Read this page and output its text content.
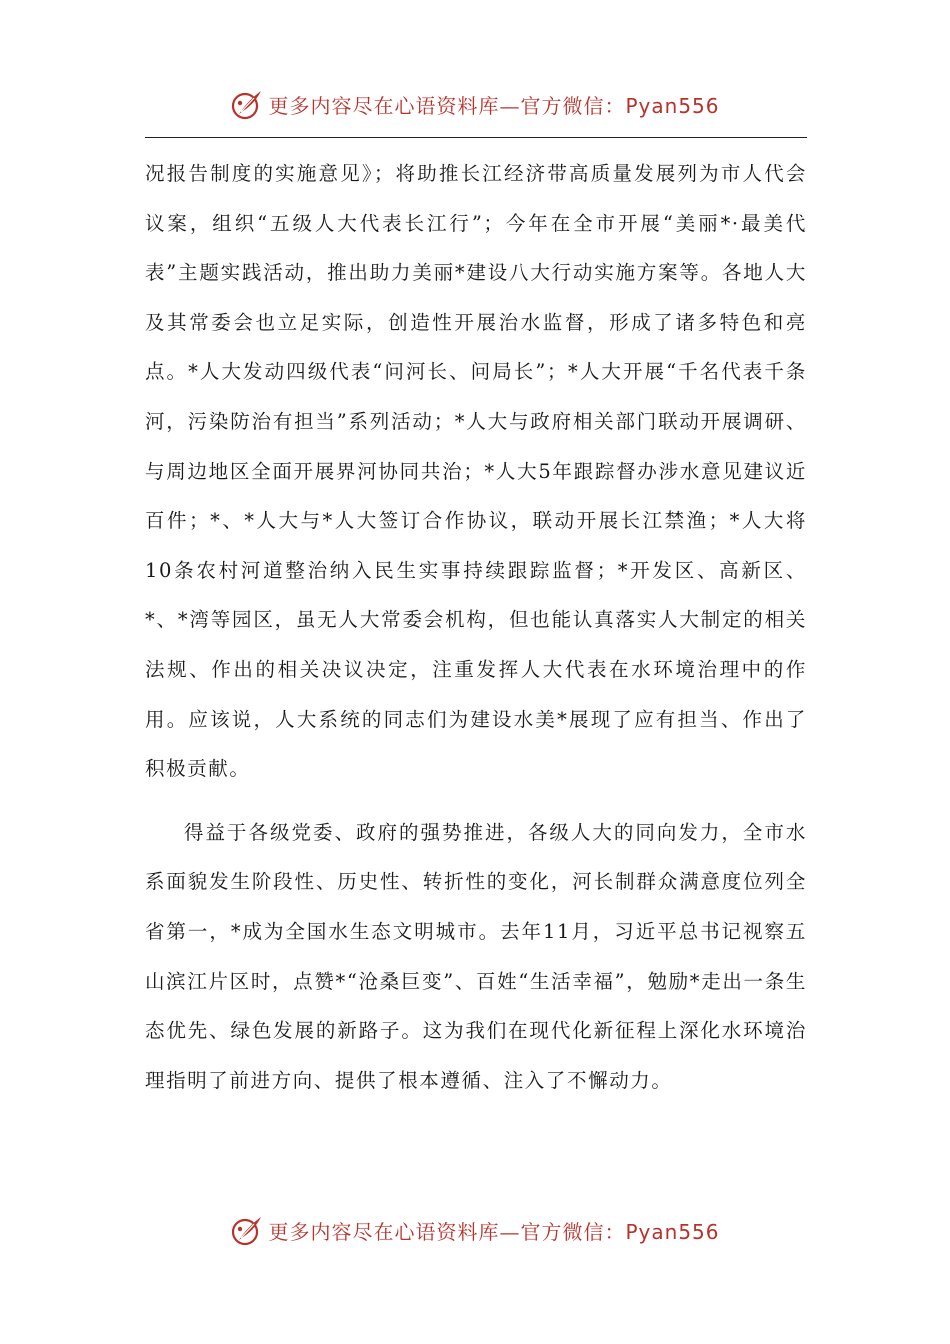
更多内容尽在心语资料库—官方微信：Pyan556

况报告制度的实施意见》；将助推长江经济带高质量发展列为市人代会议案，组织“五级人大代表长江行”；今年在全市开展“美丽*·最美代表”主题实践活动，推出助力美丽*建设八大行动实施方案等。各地人大及其常委会也立足实际，创造性开展治水监督，形成了诸多特色和亮点。*人大发动四级代表“问河长、问局长”；*人大开展“千名代表千条河，污染防治有担当”系列活动；*人大与政府相关部门联动开展调研、与周边地区全面开展界河协同共治；*人大5年跟踪督办涉水意见建议近百件；*、*人大与*人大签订合作协议，联动开展长江禁渔；*人大将10条农村河道整治纳入民生实事持续跟踪监督；*开发区、高新区、*、*湾等园区，虽无人大常委会机构，但也能认真落实人大制定的相关法规、作出的相关决议决定，注重发挥人大代表在水环境治理中的作用。应该说，人大系统的同志们为建设水美*展现了应有担当、作出了积极贡献。

得益于各级党委、政府的强势推进，各级人大的同向发力，全市水系面貌发生阶段性、历史性、转折性的变化，河长制群众满意度位列全省第一，*成为全国水生态文明城市。去年11月，习近平总书记视察五山滨江片区时，点赞*“沧桑巨变”、百姓“生活幸福”，勉励*走出一条生态优先、绿色发展的新路子。这为我们在现代化新征程上深化水环境治理指明了前进方向、提供了根本遵循、注入了不懈动力。

更多内容尽在心语资料库—官方微信：Pyan556
